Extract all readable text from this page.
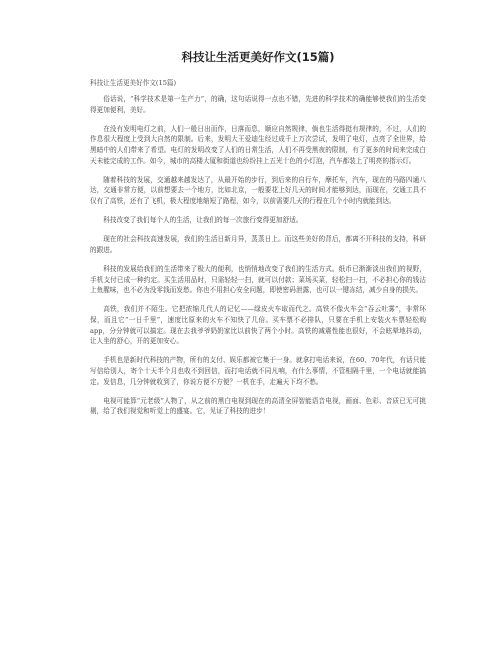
科技让生活更美好作文(15篇)
科技让生活更美好作文(15篇)

俗话说，“科学技术是第一生产力”，的确，这句话说得一点也不错，先进的科学技术的确能够使我们的生活变得更加便利，美好。

在没有发明电灯之前，人们一般日出而作，日落而息，顺应自然规律，倘也生活得挺有规律的，不过，人们的作息很大程度上受到大自然的限制。后来，发明大王爱迪生经过成千上万次尝试，发明了电灯，点亮了全世界，给黑暗中的人们带来了希望。电灯的发明改变了人们的日常生活，人们不再受黑夜的限制，有了更多的时间来完成白天未能完成的工作。如今，城市的高楼大厦和街道也纷纷挂上五光十色的小灯泡，汽车都装上了明亮的指示灯。

随着科技的发展，交通越来越发达了，从最开始的步行，到后来的自行车，摩托车，汽车，现在的马路四通八达，交通非常方便，以前想要去一个地方，比如北京，一般要花上好几天的时间才能够到达，而现在，交通工具不仅有了高铁，还有了飞机，极大程度地缩短了路程，如今，以前需要几天的行程在几个小时内就能到达。

科技改变了我们每个人的生活，让我们的每一次旅行变得更加舒适。

现在的社会科技高速发展，我们的生活日新月异，蒸蒸日上。而这些美好的背后，都离不开科技的支持，科研的跟进。

科技的发展给我们的生活带来了极大的便利，也悄悄地改变了我们的生活方式。纸币已渐渐淡出我们的视野，手机支付已成一种约定。买生活用品时，只需轻轻一扫，就可以付款；菜场买菜，轻松扫一扫，不必担心你的钱沾上鱼腥味，也不必为没零钱而发愁。你也不用担心安全问题，即使密码泄露，也可以一键冻结，减少自身的损失。

高铁，我们并不陌生。它把浓缩几代人的记忆——绿皮火车取而代之。高铁不像火车会“吞云吐雾”，非常环保，而且它“一日千里”，速度比原来的火车不知快了几倍。买车票不必排队，只要在手机上安装火车票轻松购app，分分钟就可以搞定。现在去我爷爷奶奶家比以前快了两个小时。高铁的减震性能也很好，不会眩晕地抖动，让人坐的舒心，开的更加安心。

手机也是新时代科技的产物，所有的支付、娱乐都被它集于一身。就拿打电话来说，在60、70年代，有话只能写信给别人，寄个十天半个月也收不到回信，而打电话就不同凡响，有什么事情，不管相隔千里，一个电话就能搞定。发信息，几分钟就收到了，你说方便不方便？一机在手，走遍天下均不愁。

电视可能算“元老级”人物了，从之前的黑白电视到现在的高清全屏智能语音电视，画面、色彩、音质已无可挑剔，给了我们视觉和听觉上的盛宴。它，见证了科技的进步！
